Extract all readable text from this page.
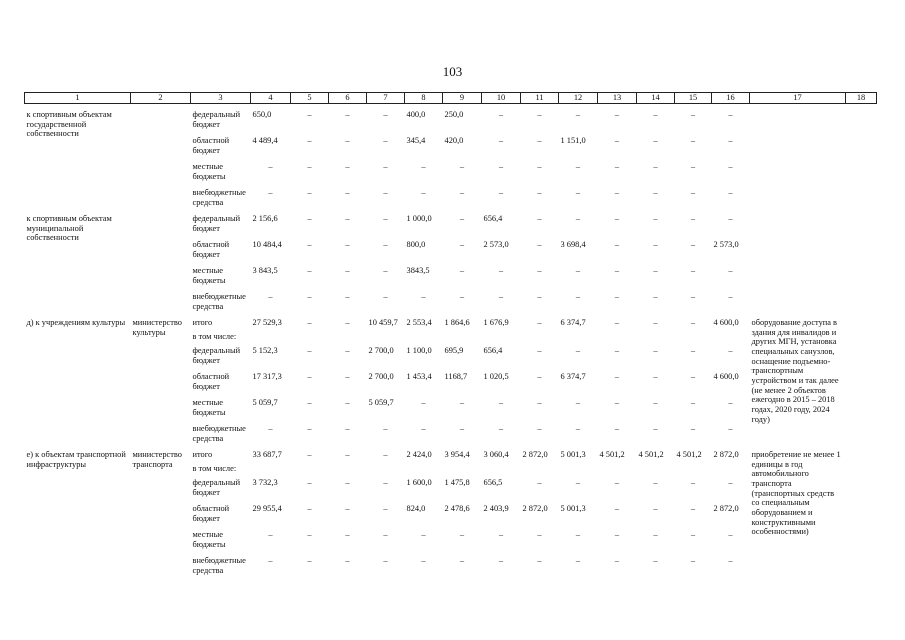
103
1	2	3	4	5	6	7	8	9	10	11	12	13	14	15	16	17	18

к спортивным объектам государственной собственности		федеральный бюджет	650,0	–	–	–	400,0	250,0	–	–	–	–	–	–	–		
		областной бюджет	4 489,4	–	–	–	345,4	420,0	–	–	1 151,0	–	–	–	–		
		местные бюджеты	–	–	–	–	–	–	–	–	–	–	–	–	–		
		внебюджетные средства	–	–	–	–	–	–	–	–	–	–	–	–	–		
к спортивным объектам муниципальной собственности		федеральный бюджет	2 156,6	–	–	–	1 000,0	–	656,4	–	–	–	–	–	–		
		областной бюджет	10 484,4	–	–	–	800,0	–	2 573,0	–	3 698,4	–	–	–	2 573,0		
		местные бюджеты	3 843,5	–	–	–	3843,5	–	–	–	–	–	–	–	–		
		внебюджетные средства	–	–	–	–	–	–	–	–	–	–	–	–	–		
д) к учреждениям культуры	министерство культуры	итого	27 529,3	–	–	10 459,7	2 553,4	1 864,6	1 676,9	–	6 374,7	–	–	–	4 600,0	оборудование доступа в здания для инвалидов и других МГН, установка специальных санузлов, оснащение подъемно-транспортным устройством и так далее (не менее 2 объектов ежегодно в 2015 – 2018 годах, 2020 году, 2024 году)	
		в том числе:															
		федеральный бюджет	5 152,3	–	–	2 700,0	1 100,0	695,9	656,4	–	–	–	–	–	–		
		областной бюджет	17 317,3	–	–	2 700,0	1 453,4	1168,7	1 020,5	–	6 374,7	–	–	–	4 600,0		
		местные бюджеты	5 059,7	–	–	5 059,7	–	–	–	–	–	–	–	–	–		
		внебюджетные средства	–	–	–	–	–	–	–	–	–	–	–	–	–		
е) к объектам транспортной инфраструктуры	министерство транспорта	итого	33 687,7	–	–	–	2 424,0	3 954,4	3 060,4	2 872,0	5 001,3	4 501,2	4 501,2	4 501,2	2 872,0	приобретение не менее 1 единицы в год автомобильного транспорта (транспортных средств со специальным оборудованием и конструктивными особенностями)	
		в том числе:															
		федеральный бюджет	3 732,3	–	–	–	1 600,0	1 475,8	656,5	–	–	–	–	–	–		
		областной бюджет	29 955,4	–	–	–	824,0	2 478,6	2 403,9	2 872,0	5 001,3	–	–	–	2 872,0		
		местные бюджеты	–	–	–	–	–	–	–	–	–	–	–	–	–		
		внебюджетные средства	–	–	–	–	–	–	–	–	–	–	–	–	–		
